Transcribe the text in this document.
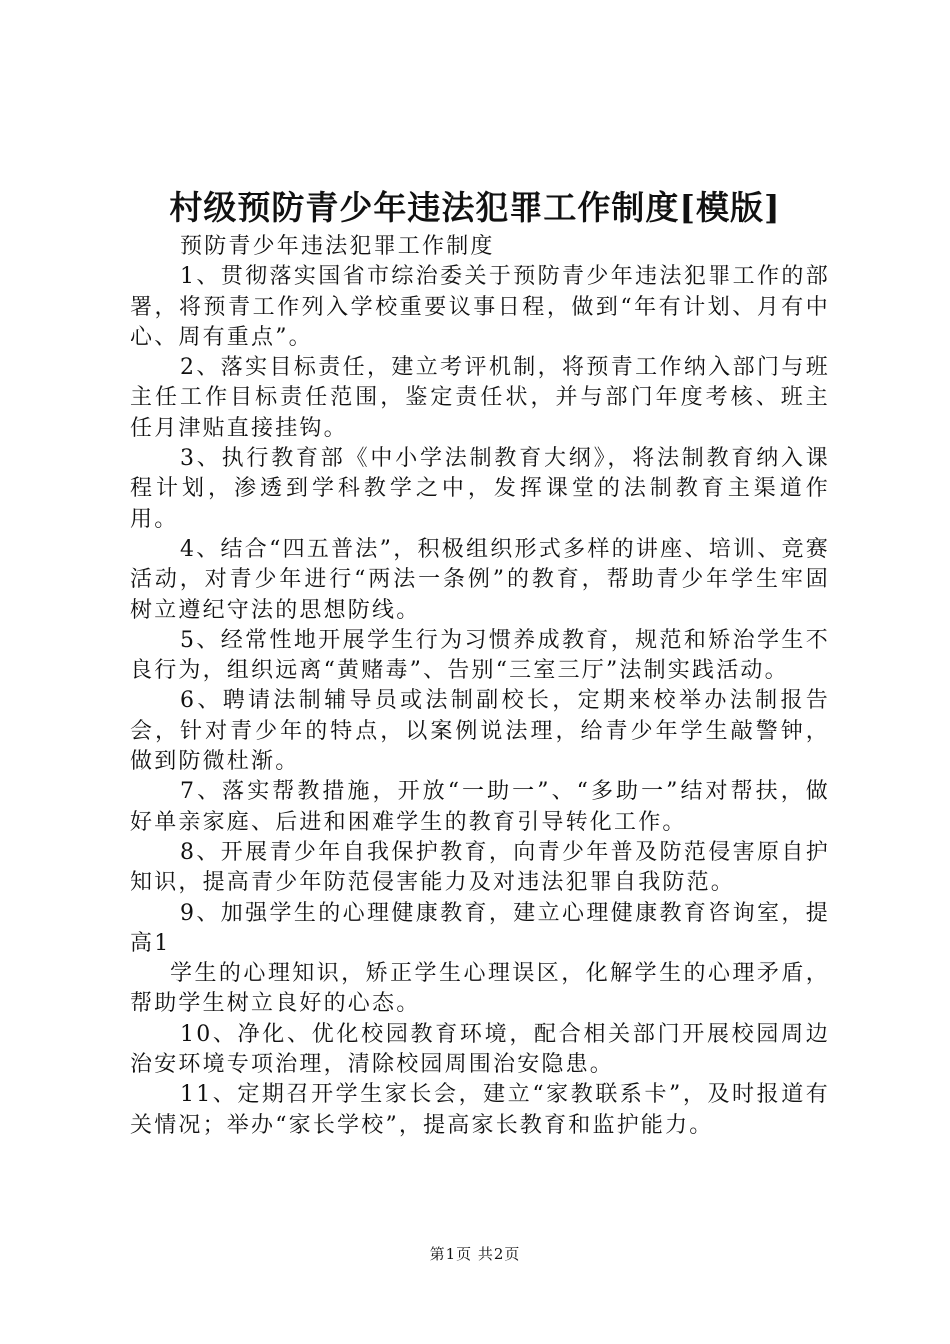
村级预防青少年违法犯罪工作制度[模版]

预防青少年违法犯罪工作制度

1、贯彻落实国省市综治委关于预防青少年违法犯罪工作的部署，将预青工作列入学校重要议事日程，做到“年有计划、月有中心、周有重点”。

2、落实目标责任，建立考评机制，将预青工作纳入部门与班主任工作目标责任范围，鉴定责任状，并与部门年度考核、班主任月津贴直接挂钩。

3、执行教育部《中小学法制教育大纲》，将法制教育纳入课程计划，渗透到学科教学之中，发挥课堂的法制教育主渠道作用。

4、结合“四五普法”，积极组织形式多样的讲座、培训、竞赛活动，对青少年进行“两法一条例”的教育，帮助青少年学生牢固树立遵纪守法的思想防线。

5、经常性地开展学生行为习惯养成教育，规范和矫治学生不良行为，组织远离“黄赌毒”、告别“三室三厅”法制实践活动。

6、聘请法制辅导员或法制副校长，定期来校举办法制报告会，针对青少年的特点，以案例说法理，给青少年学生敲警钟，做到防微杜渐。

7、落实帮教措施，开放“一助一”、“多助一”结对帮扶，做好单亲家庭、后进和困难学生的教育引导转化工作。

8、开展青少年自我保护教育，向青少年普及防范侵害原自护知识，提高青少年防范侵害能力及对违法犯罪自我防范。

9、加强学生的心理健康教育，建立心理健康教育咨询室，提高1

学生的心理知识，矫正学生心理误区，化解学生的心理矛盾，帮助学生树立良好的心态。

10、净化、优化校园教育环境，配合相关部门开展校园周边治安环境专项治理，清除校园周围治安隐患。

11、定期召开学生家长会，建立“家教联系卡”，及时报道有关情况；举办“家长学校”，提高家长教育和监护能力。

第1页 共2页
